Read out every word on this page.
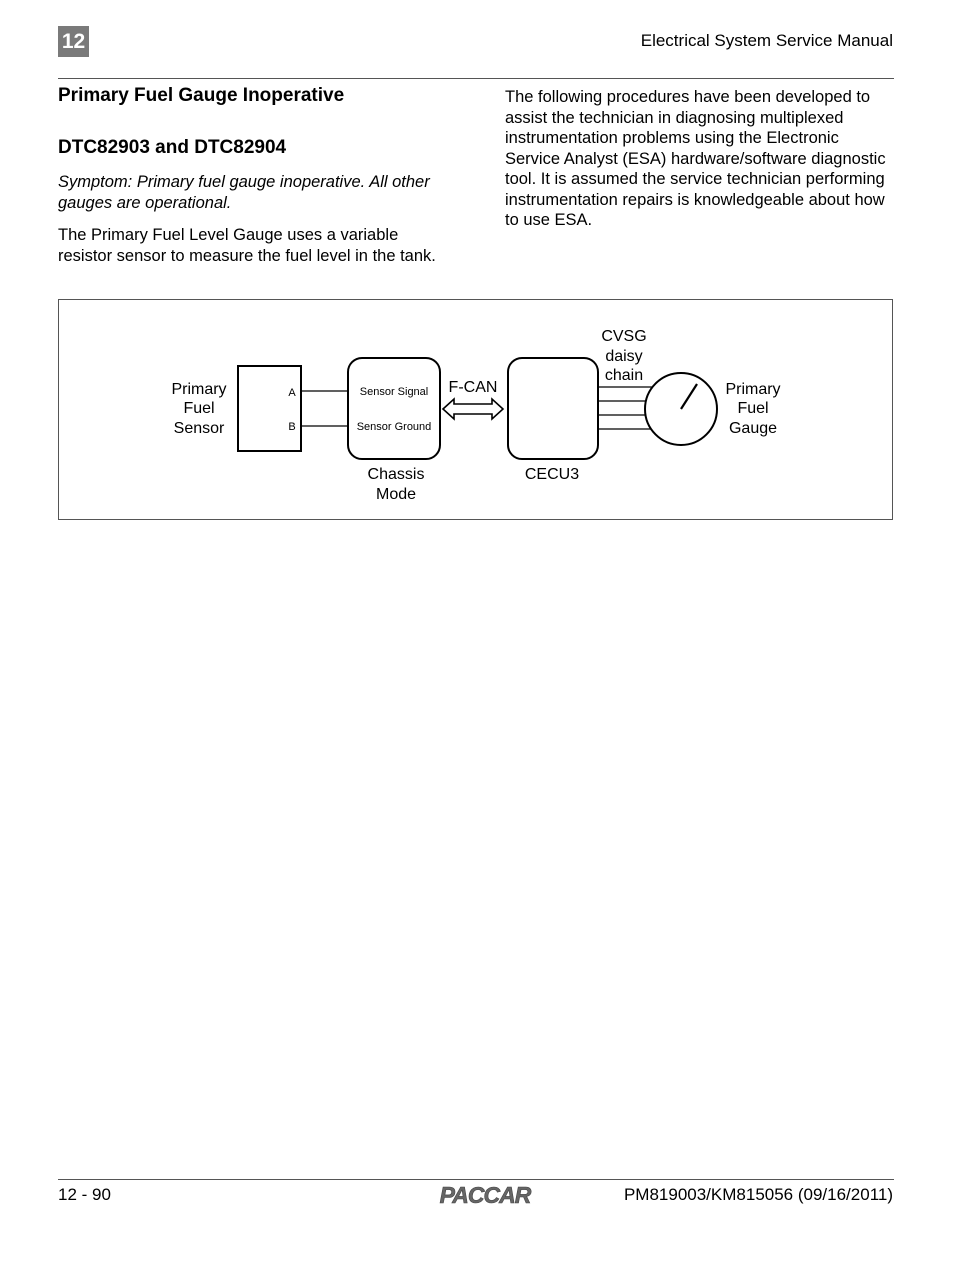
12	Electrical System Service Manual
Primary Fuel Gauge Inoperative
DTC82903 and DTC82904

Symptom: Primary fuel gauge inoperative. All other gauges are operational.

The Primary Fuel Level Gauge uses a variable resistor sensor to measure the fuel level in the tank.

The following procedures have been developed to assist the technician in diagnosing multiplexed instrumentation problems using the Electronic Service Analyst (ESA) hardware/software diagnostic tool. It is assumed the service technician performing instrumentation repairs is knowledgeable about how to use ESA.

Primary
Fuel
Sensor
A
B
Sensor Signal
Sensor Ground
Chassis
Mode
F-CAN
CECU3
CVSG
daisy
chain
Primary
Fuel
Gauge
12 - 90	PACCAR	PM819003/KM815056 (09/16/2011)
